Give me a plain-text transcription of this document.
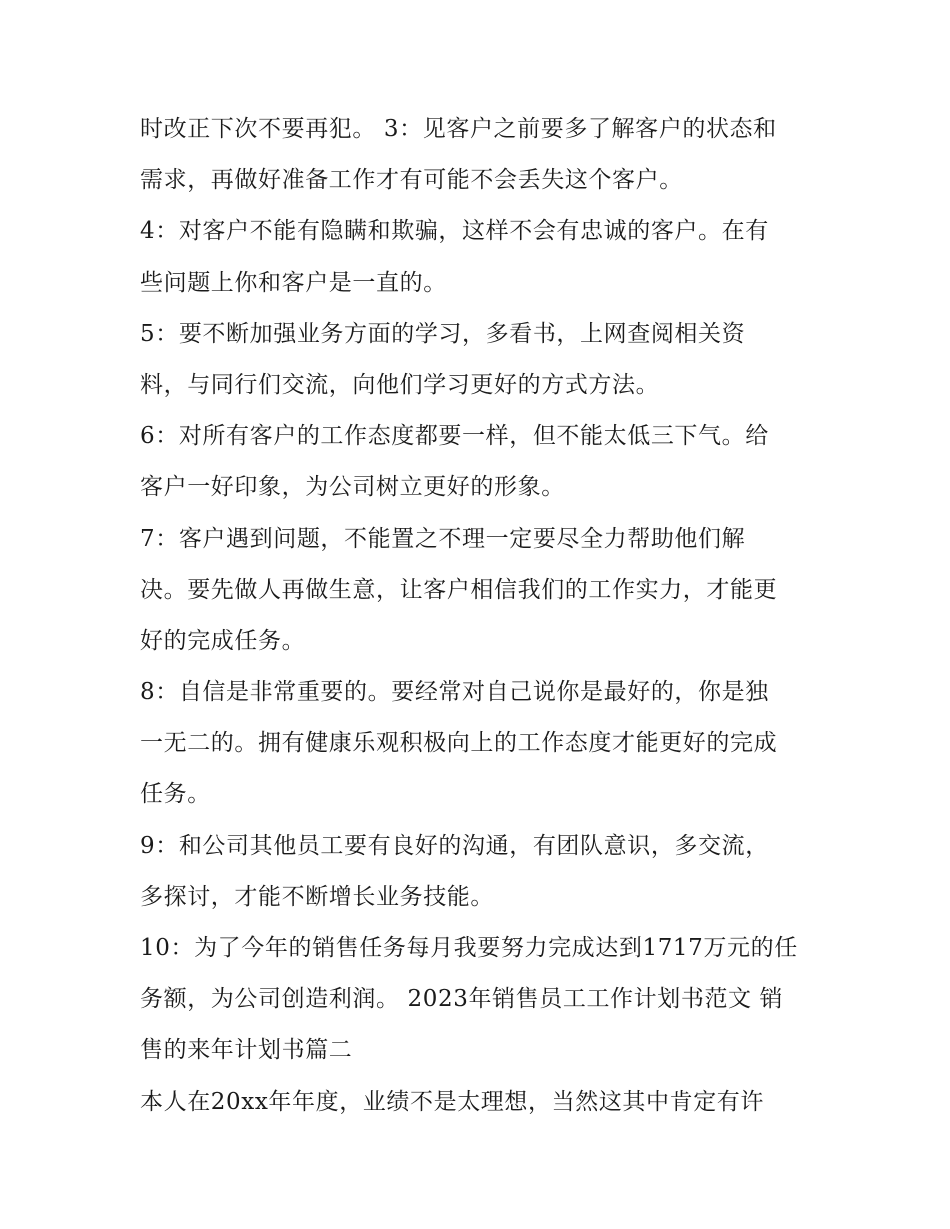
时改正下次不要再犯。 3：见客户之前要多了解客户的状态和
需求，再做好准备工作才有可能不会丢失这个客户。
4：对客户不能有隐瞒和欺骗，这样不会有忠诚的客户。在有
些问题上你和客户是一直的。
5：要不断加强业务方面的学习，多看书，上网查阅相关资
料，与同行们交流，向他们学习更好的方式方法。
6：对所有客户的工作态度都要一样，但不能太低三下气。给
客户一好印象，为公司树立更好的形象。
7：客户遇到问题，不能置之不理一定要尽全力帮助他们解
决。要先做人再做生意，让客户相信我们的工作实力，才能更
好的完成任务。
8：自信是非常重要的。要经常对自己说你是最好的，你是独
一无二的。拥有健康乐观积极向上的工作态度才能更好的完成
任务。
9：和公司其他员工要有良好的沟通，有团队意识，多交流，
多探讨，才能不断增长业务技能。
10：为了今年的销售任务每月我要努力完成达到1717万元的任
务额，为公司创造利润。 2023年销售员工工作计划书范文 销
售的来年计划书篇二
本人在20xx年年度，业绩不是太理想，当然这其中肯定有许
